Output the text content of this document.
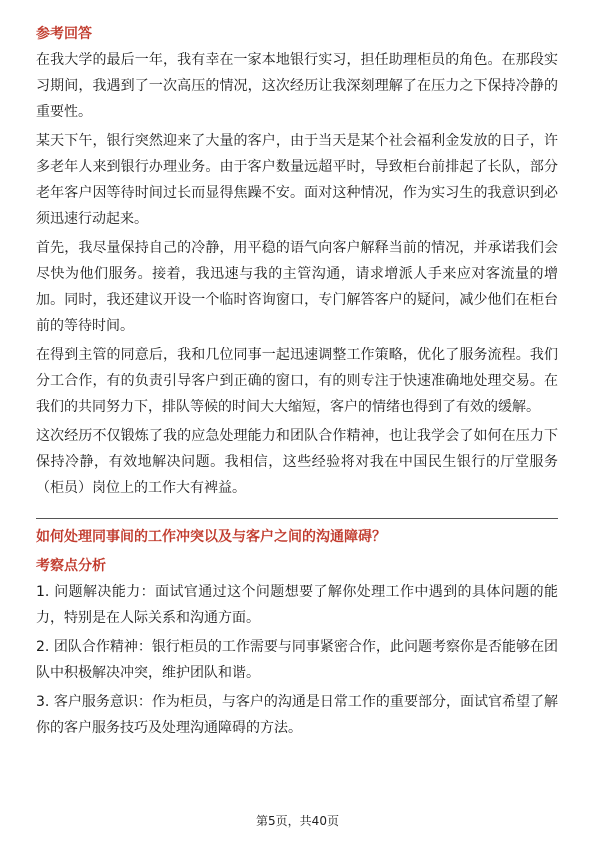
参考回答

在我大学的最后一年，我有幸在一家本地银行实习，担任助理柜员的角色。在那段实习期间，我遇到了一次高压的情况，这次经历让我深刻理解了在压力之下保持冷静的重要性。

某天下午，银行突然迎来了大量的客户，由于当天是某个社会福利金发放的日子，许多老年人来到银行办理业务。由于客户数量远超平时，导致柜台前排起了长队，部分老年客户因等待时间过长而显得焦躁不安。面对这种情况，作为实习生的我意识到必须迅速行动起来。

首先，我尽量保持自己的冷静，用平稳的语气向客户解释当前的情况，并承诺我们会尽快为他们服务。接着，我迅速与我的主管沟通，请求增派人手来应对客流量的增加。同时，我还建议开设一个临时咨询窗口，专门解答客户的疑问，减少他们在柜台前的等待时间。

在得到主管的同意后，我和几位同事一起迅速调整工作策略，优化了服务流程。我们分工合作，有的负责引导客户到正确的窗口，有的则专注于快速准确地处理交易。在我们的共同努力下，排队等候的时间大大缩短，客户的情绪也得到了有效的缓解。

这次经历不仅锻炼了我的应急处理能力和团队合作精神，也让我学会了如何在压力下保持冷静，有效地解决问题。我相信，这些经验将对我在中国民生银行的厅堂服务（柜员）岗位上的工作大有裨益。

如何处理同事间的工作冲突以及与客户之间的沟通障碍？
考察点分析

1. 问题解决能力：面试官通过这个问题想要了解你处理工作中遇到的具体问题的能力，特别是在人际关系和沟通方面。

2. 团队合作精神：银行柜员的工作需要与同事紧密合作，此问题考察你是否能够在团队中积极解决冲突，维护团队和谐。

3. 客户服务意识：作为柜员，与客户的沟通是日常工作的重要部分，面试官希望了解你的客户服务技巧及处理沟通障碍的方法。

第5页，共40页
